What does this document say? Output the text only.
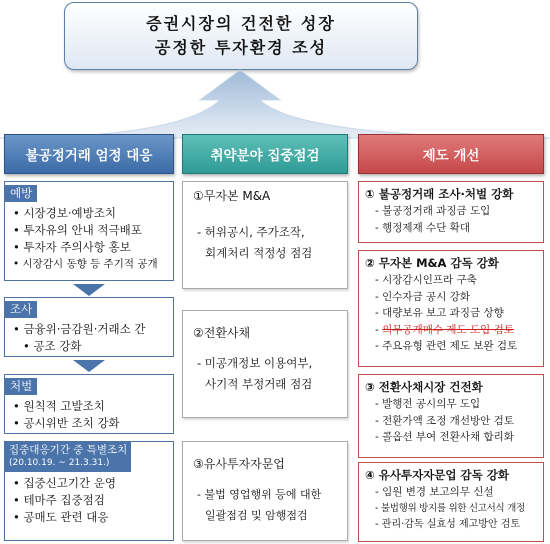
증권시장의 건전한 성장
공정한 투자환경 조성
불공정거래 엄정 대응	취약분야 집중점검	제도 개선
예방
• 시장경보·예방조치
• 투자유의 안내 적극배포
• 투자자 주의사항 홍보
• 시장감시 동향 등 주기적 공개
조사
• 금융위·금감원·거래소 간
• 공조 강화
처벌
• 원칙적 고발조치
• 공시위반 조치 강화
집중대응기간 중 특별조치
(20.10.19. ~ 21.3.31.)
• 집중신고기간 운영
• 테마주 집중점검
• 공매도 관련 대응
①무자본 M&A
- 허위공시, 주가조작,
회계처리 적정성 점검
②전환사채
- 미공개정보 이용여부,
사기적 부정거래 점검
③유사투자자문업
- 불법 영업행위 등에 대한
일괄점검 및 암행점검
① 불공정거래 조사·처벌 강화
- 불공정거래 과징금 도입
- 행정제재 수단 확대
② 무자본 M&A 감독 강화
- 시장감시인프라 구축
- 인수자금 공시 강화
- 대량보유 보고 과징금 상향
- 의무공개매수 제도 도입 검토
- 주요유형 관련 제도 보완 검토
③ 전환사채시장 건전화
- 발행전 공시의무 도입
- 전환가액 조정 개선방안 검토
- 콜옵션 부여 전환사채 합리화
④ 유사투자자문업 감독 강화
- 임원 변경 보고의무 신설
- 불법행위 방지를 위한 신고서식 개정
- 관리·감독 실효성 제고방안 검토
